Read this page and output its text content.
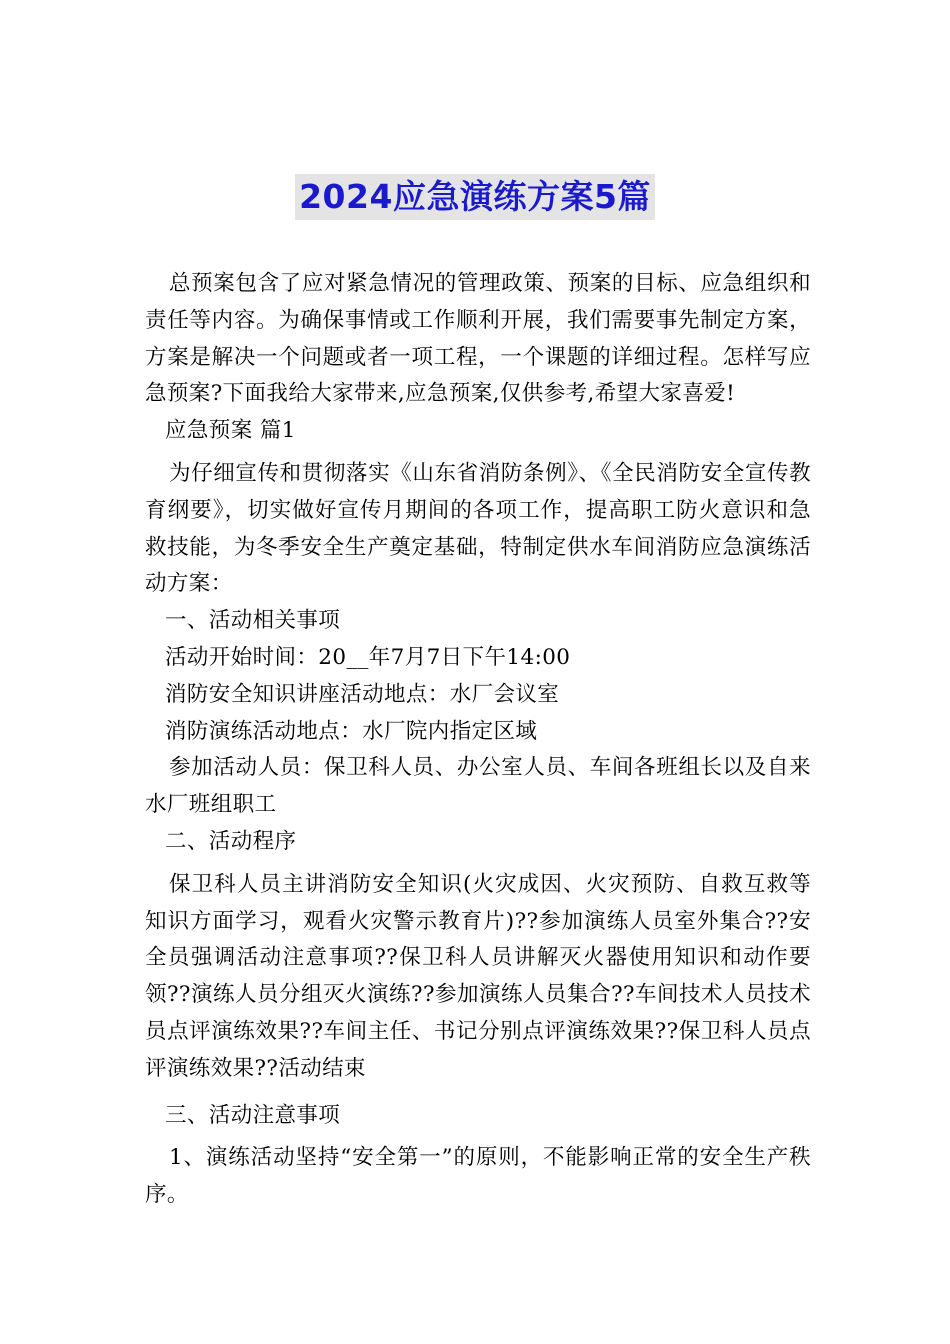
2024应急演练方案5篇

总预案包含了应对紧急情况的管理政策、预案的目标、应急组织和责任等内容。为确保事情或工作顺利开展，我们需要事先制定方案，方案是解决一个问题或者一项工程，一个课题的详细过程。怎样写应急预案?下面我给大家带来,应急预案,仅供参考,希望大家喜爱!

应急预案 篇1

为仔细宣传和贯彻落实《山东省消防条例》、《全民消防安全宣传教育纲要》，切实做好宣传月期间的各项工作，提高职工防火意识和急救技能，为冬季安全生产奠定基础，特制定供水车间消防应急演练活动方案：

一、活动相关事项

活动开始时间：20__年7月7日下午14:00

消防安全知识讲座活动地点：水厂会议室

消防演练活动地点：水厂院内指定区域

参加活动人员：保卫科人员、办公室人员、车间各班组长以及自来水厂班组职工

二、活动程序

保卫科人员主讲消防安全知识(火灾成因、火灾预防、自救互救等知识方面学习，观看火灾警示教育片)??参加演练人员室外集合??安全员强调活动注意事项??保卫科人员讲解灭火器使用知识和动作要领??演练人员分组灭火演练??参加演练人员集合??车间技术人员技术员点评演练效果??车间主任、书记分别点评演练效果??保卫科人员点评演练效果??活动结束

三、活动注意事项

1、演练活动坚持“安全第一”的原则，不能影响正常的安全生产秩序。
